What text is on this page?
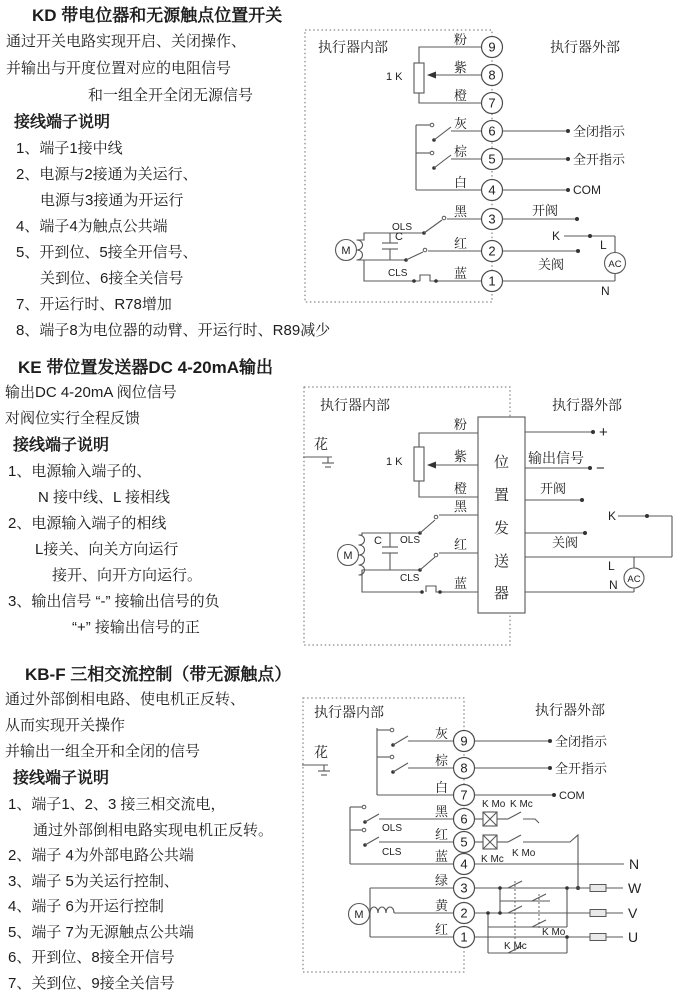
KD 带电位器和无源触点位置开关
通过开关电路实现开启、关闭操作、
并输出与开度位置对应的电阻信号
和一组全开全闭无源信号
接线端子说明
1、端子1接中线
2、电源与2接通为关运行、
电源与3接通为开运行
4、端子4为触点公共端
5、开到位、5接全开信号、
关到位、6接全关信号
7、开运行时、R78增加
8、端子8为电位器的动臂、开运行时、R89减少
执行器内部	执行器外部
1 K
M
OLS
C
CLS
粉
紫
橙
灰
棕
白
黑
红
蓝
9
8
7
6
5
4
3
2
1
全闭指示
全开指示
COM
开阀
K
关阀
L
AC
N
KE 带位置发送器DC 4-20mA输出
输出DC 4-20mA 阀位信号
对阀位实行全程反馈
接线端子说明
1、电源输入端子的、
N 接中线、L 接相线
2、电源输入端子的相线
L接关、向关方向运行
接开、向开方向运行。
3、输出信号 “-” 接输出信号的负
“+” 接输出信号的正
执行器内部	执行器外部
花
1 K
M
OLS
C
CLS
粉
紫
橙
黑
红
蓝
位
置
发
送
器
+
输出信号
−
开阀
K
关阀
L
AC
N
KB-F 三相交流控制（带无源触点）
通过外部倒相电路、使电机正反转、
从而实现开关操作
并输出一组全开和全闭的信号
接线端子说明
1、端子1、2、3 接三相交流电，
通过外部倒相电路实现电机正反转。
2、端子 4为外部电路公共端
3、端子 5为关运行控制、
4、端子 6为开运行控制
5、端子 7为无源触点公共端
6、开到位、8接全开信号
7、关到位、9接全关信号
执行器内部	执行器外部
花
OLS
CLS
M
灰
棕
白
黑
红
蓝
绿
黄
红
9
8
7
6
5
4
3
2
1
全闭指示
全开指示
COM
K Mo K Mc
K Mc
K Mo
N
K Mo
K Mc
W
V
U
